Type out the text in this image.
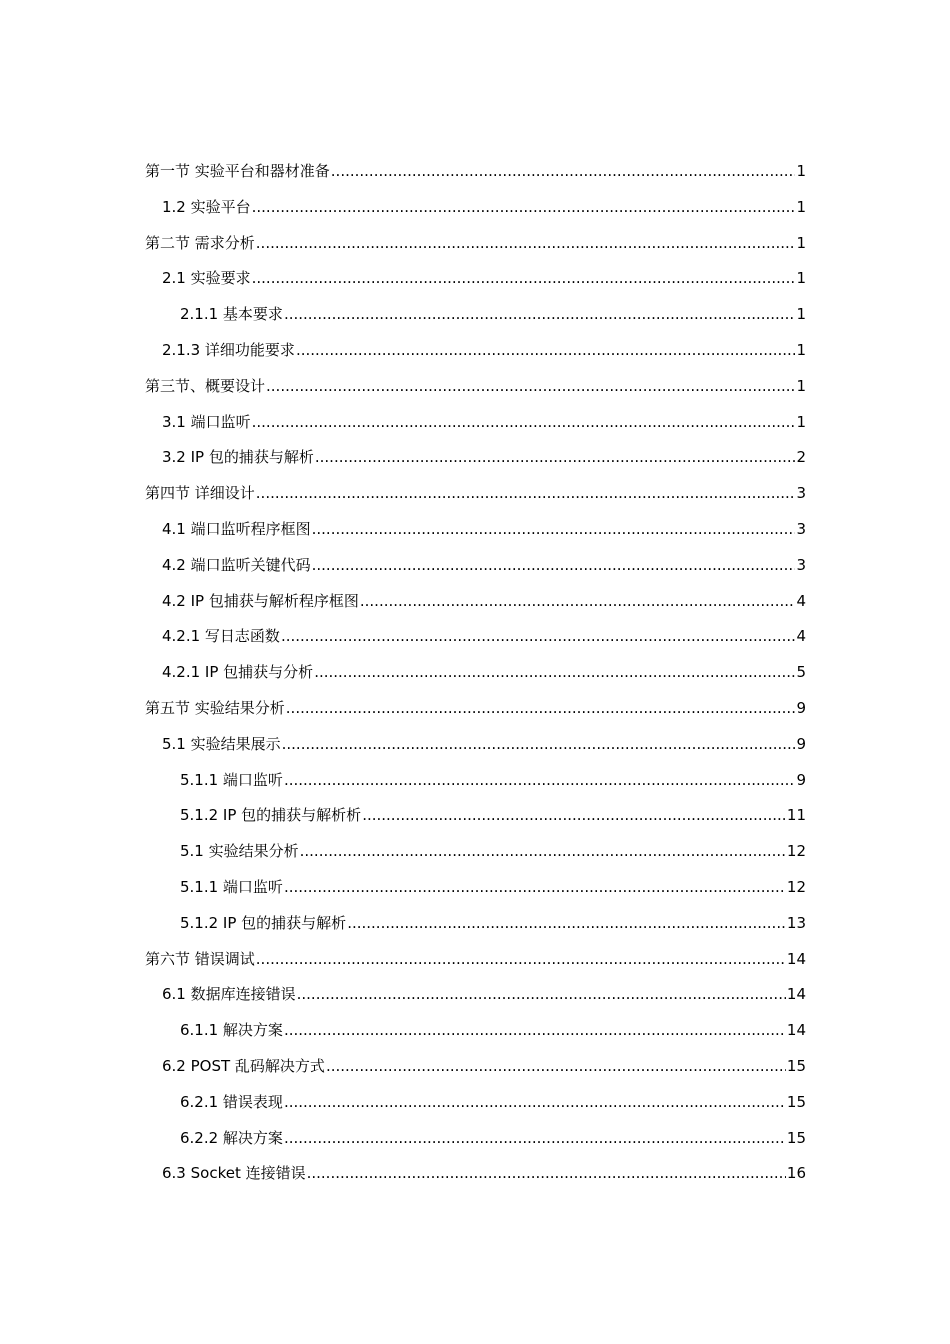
第一节 实验平台和器材准备 .....	1
1.2 实验平台 .....	1
第二节 需求分析 .....	1
2.1 实验要求 .....	1
2.1.1 基本要求 .....	1
2.1.3 详细功能要求 .....	1
第三节、概要设计 .....	1
3.1 端口监听 .....	1
3.2 IP 包的捕获与解析 .....	2
第四节 详细设计 .....	3
4.1 端口监听程序框图 .....	3
4.2 端口监听关键代码 .....	3
4.2 IP 包捕获与解析程序框图 .....	4
4.2.1 写日志函数 .....	4
4.2.1 IP 包捕获与分析 .....	5
第五节 实验结果分析 .....	9
5.1 实验结果展示 .....	9
5.1.1 端口监听 .....	9
5.1.2 IP 包的捕获与解析析 .....	11
5.1 实验结果分析 .....	12
5.1.1 端口监听 .....	12
5.1.2 IP 包的捕获与解析 .....	13
第六节 错误调试 .....	14
6.1 数据库连接错误 .....	14
6.1.1 解决方案 .....	14
6.2 POST 乱码解决方式 .....	15
6.2.1 错误表现 .....	15
6.2.2 解决方案 .....	15
6.3 Socket 连接错误 .....	16
